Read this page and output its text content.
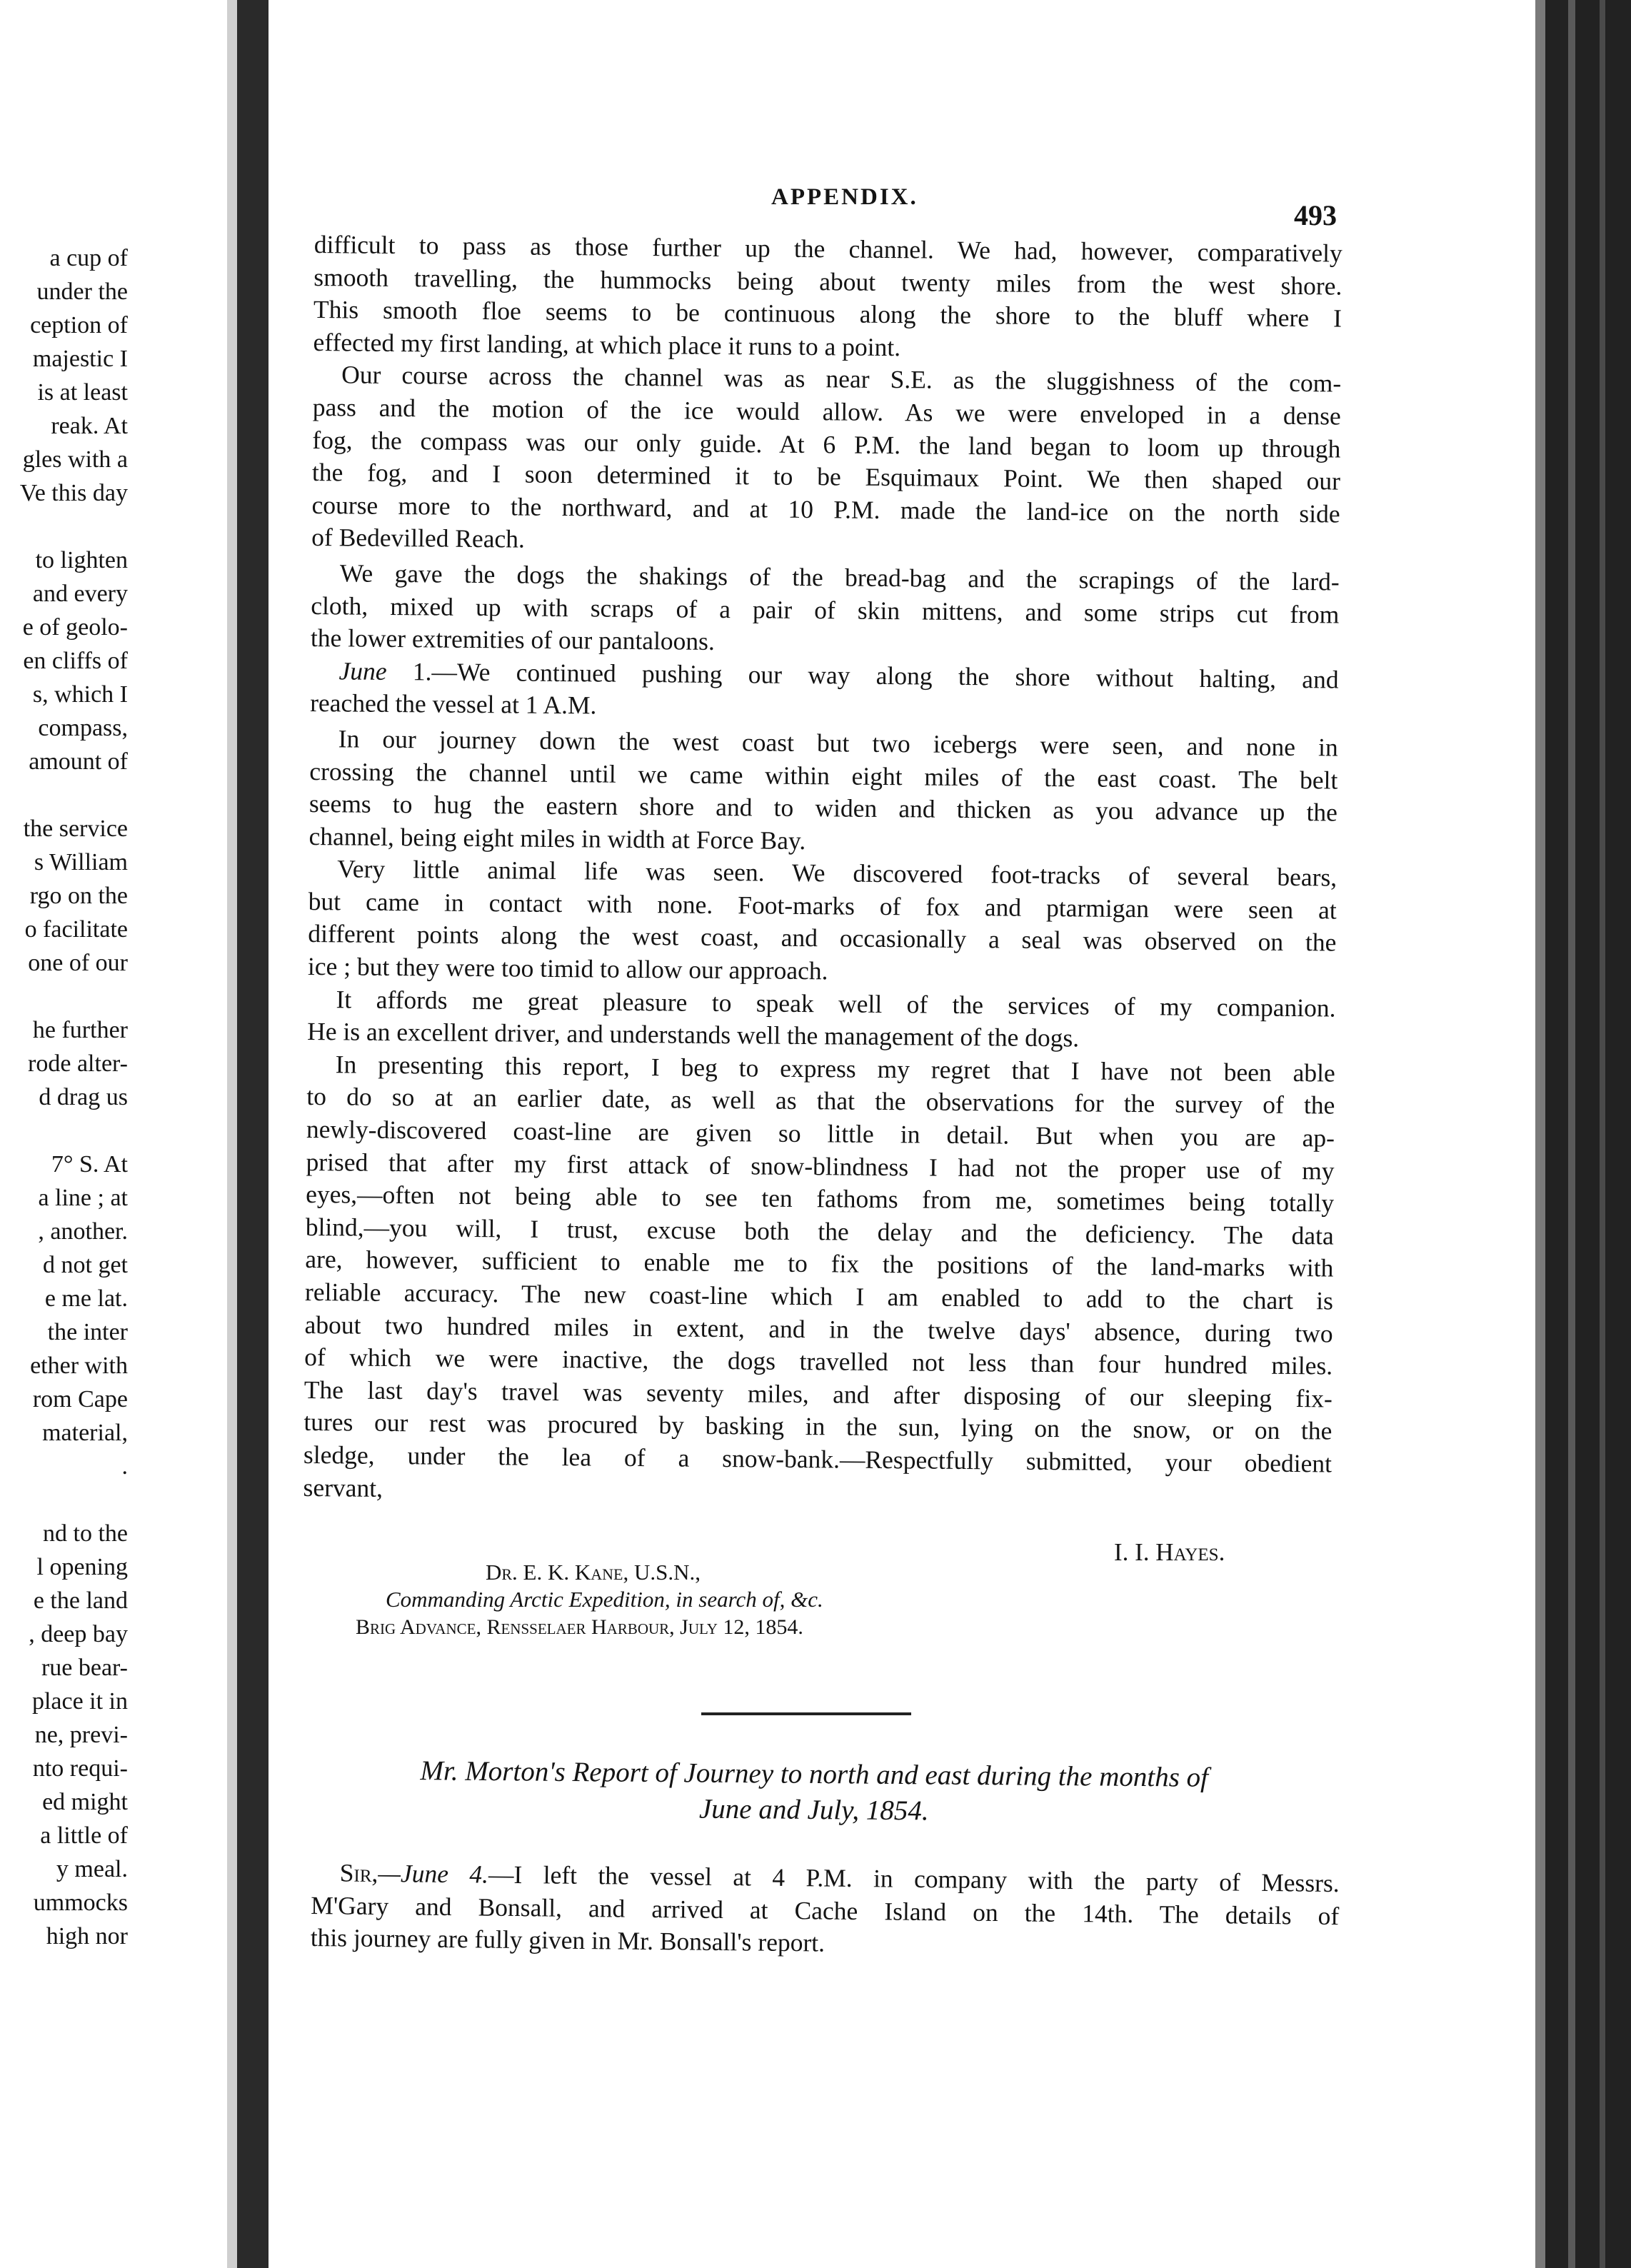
a cup of
under the
ception of
majestic I
is at least
reak. At
gles with a
Ve this day
to lighten
and every
e of geolo-
en cliffs of
s, which I
compass,
amount of
the service
s William
rgo on the
o facilitate
one of our
he further
rode alter-
d drag us
7° S. At
a line ; at
, another.
d not get
e me lat.
the inter
ether with
rom Cape
material,
.
nd to the
l opening
e the land
, deep bay
rue bear-
place it in
ne, previ-
nto requi-
ed might
a little of
y meal.
ummocks
high nor
APPENDIX.
493

difficult to pass as those further up the channel. We had, however, comparatively
smooth travelling, the hummocks being about twenty miles from the west shore.
This smooth floe seems to be continuous along the shore to the bluff where I
effected my first landing, at which place it runs to a point.

Our course across the channel was as near S.E. as the sluggishness of the com-
pass and the motion of the ice would allow. As we were enveloped in a dense
fog, the compass was our only guide. At 6 P.M. the land began to loom up through
the fog, and I soon determined it to be Esquimaux Point. We then shaped our
course more to the northward, and at 10 P.M. made the land-ice on the north side
of Bedevilled Reach.

We gave the dogs the shakings of the bread-bag and the scrapings of the lard-
cloth, mixed up with scraps of a pair of skin mittens, and some strips cut from
the lower extremities of our pantaloons.

June 1.—We continued pushing our way along the shore without halting, and
reached the vessel at 1 A.M.

In our journey down the west coast but two icebergs were seen, and none in
crossing the channel until we came within eight miles of the east coast. The belt
seems to hug the eastern shore and to widen and thicken as you advance up the
channel, being eight miles in width at Force Bay.

Very little animal life was seen. We discovered foot-tracks of several bears,
but came in contact with none. Foot-marks of fox and ptarmigan were seen at
different points along the west coast, and occasionally a seal was observed on the
ice ; but they were too timid to allow our approach.

It affords me great pleasure to speak well of the services of my companion.
He is an excellent driver, and understands well the management of the dogs.

In presenting this report, I beg to express my regret that I have not been able
to do so at an earlier date, as well as that the observations for the survey of the
newly-discovered coast-line are given so little in detail. But when you are ap-
prised that after my first attack of snow-blindness I had not the proper use of my
eyes,—often not being able to see ten fathoms from me, sometimes being totally
blind,—you will, I trust, excuse both the delay and the deficiency. The data
are, however, sufficient to enable me to fix the positions of the land-marks with
reliable accuracy. The new coast-line which I am enabled to add to the chart is
about two hundred miles in extent, and in the twelve days' absence, during two
of which we were inactive, the dogs travelled not less than four hundred miles.
The last day's travel was seventy miles, and after disposing of our sleeping fix-
tures our rest was procured by basking in the sun, lying on the snow, or on the
sledge, under the lea of a snow-bank.—Respectfully submitted, your obedient
servant,

I. I. Hayes.
Dr. E. K. Kane, U.S.N.,
Commanding Arctic Expedition, in search of, &c.
Brig Advance, Rensselaer Harbour, July 12, 1854.
Mr. Morton's Report of Journey to north and east during the months of
June and July, 1854.

Sir,—June 4.—I left the vessel at 4 P.M. in company with the party of Messrs.

M'Gary and Bonsall, and arrived at Cache Island on the 14th. The details of
this journey are fully given in Mr. Bonsall's report.
